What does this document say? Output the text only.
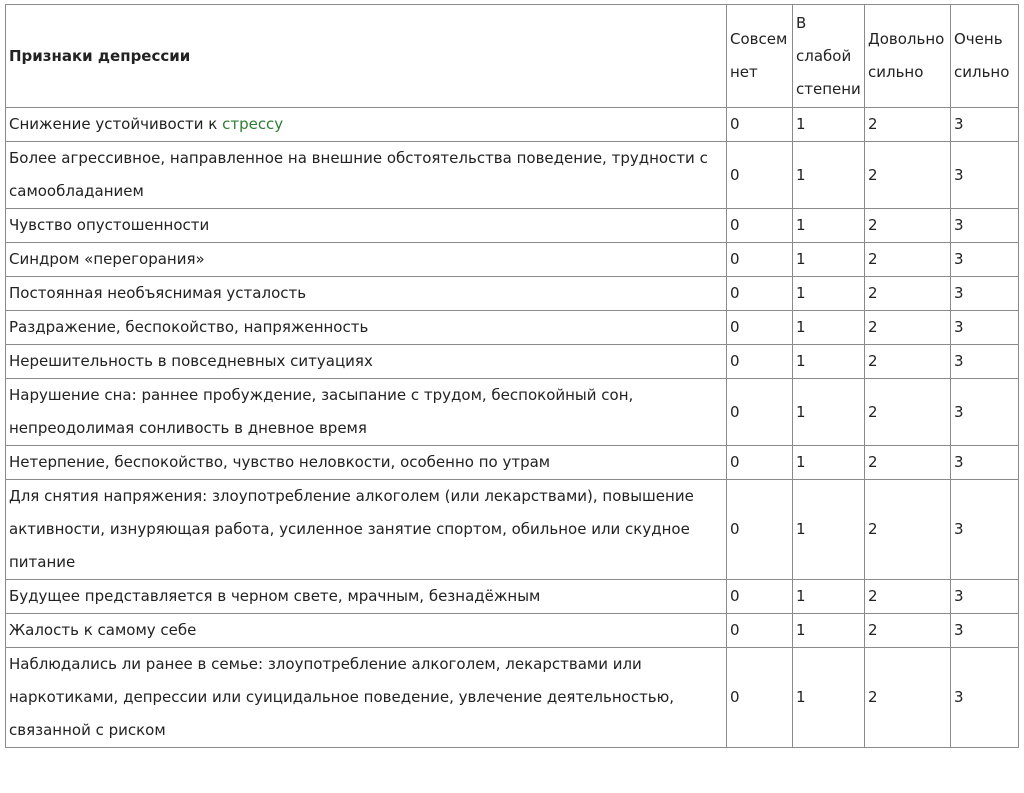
Признаки депрессии	Совсем нет	В слабой степени	Довольно сильно	Очень сильно
Снижение устойчивости к стрессу	0	1	2	3
Более агрессивное, направленное на внешние обстоятельства поведение, трудности с самообладанием	0	1	2	3
Чувство опустошенности	0	1	2	3
Синдром «перегорания»	0	1	2	3
Постоянная необъяснимая усталость	0	1	2	3
Раздражение, беспокойство, напряженность	0	1	2	3
Нерешительность в повседневных ситуациях	0	1	2	3
Нарушение сна: раннее пробуждение, засыпание с трудом, беспокойный сон, непреодолимая сонливость в дневное время	0	1	2	3
Нетерпение, беспокойство, чувство неловкости, особенно по утрам	0	1	2	3
Для снятия напряжения: злоупотребление алкоголем (или лекарствами), повышение активности, изнуряющая работа, усиленное занятие спортом, обильное или скудное питание	0	1	2	3
Будущее представляется в черном свете, мрачным, безнадёжным	0	1	2	3
Жалость к самому себе	0	1	2	3
Наблюдались ли ранее в семье: злоупотребление алкоголем, лекарствами или наркотиками, депрессии или суицидальное поведение, увлечение деятельностью, связанной с риском	0	1	2	3
